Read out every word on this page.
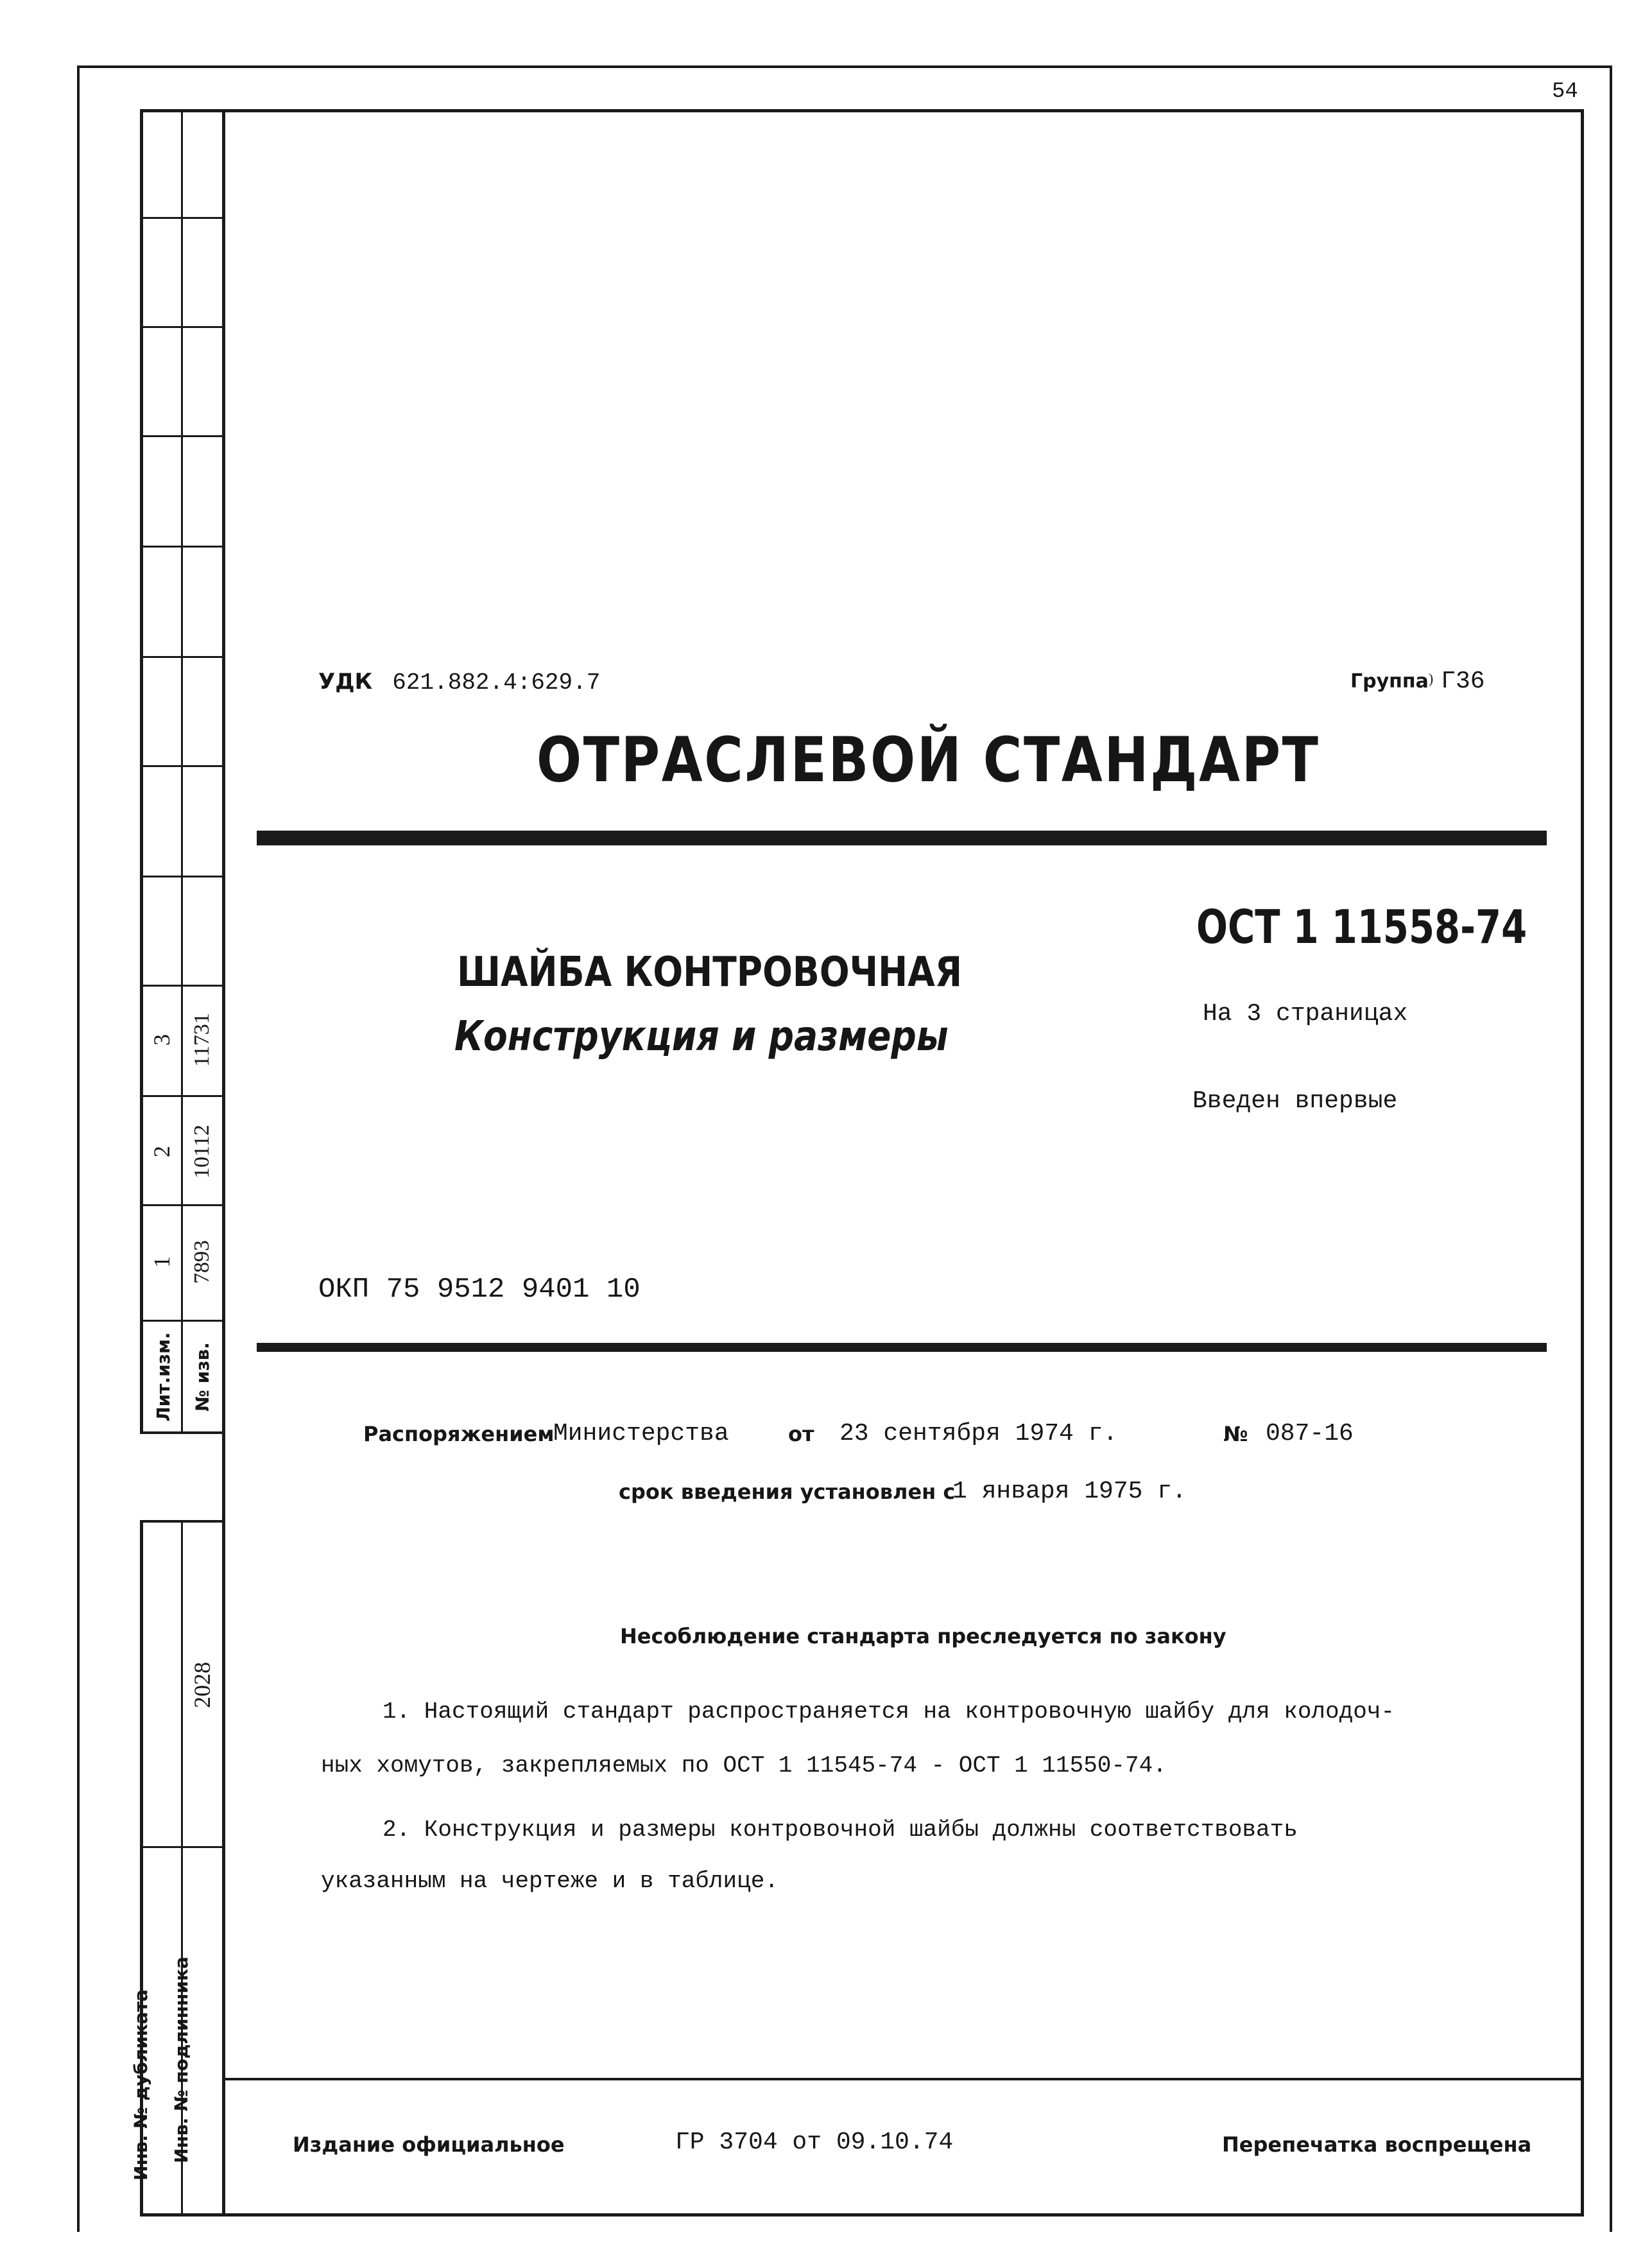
54
3 11731
2 10112
1 7893
Лит.изм. № изв.
2028
Инв. № дубликата Инв. № подлинника
УДК 621.882.4:629.7	Группа) Г36
ОТРАСЛЕВОЙ СТАНДАРТ
ШАЙБА КОНТРОВОЧНАЯ
Конструкция и размеры
ОСТ 1 11558-74
На 3 страницах
Введен впервые
ОКП 75 9512 9401 10
Распоряжением
Министерства	от 23 сентября 1974 г.	№ 087-16
срок введения установлен с
1 января 1975 г.
Несоблюдение стандарта преследуется по закону
1. Настоящий стандарт распространяется на контровочную шайбу для колодоч-
ных хомутов, закрепляемых по ОСТ 1 11545-74 - ОСТ 1 11550-74.
2. Конструкция и размеры контровочной шайбы должны соответствовать
указанным на чертеже и в таблице.
Издание официальное	ГР 3704 от 09.10.74	Перепечатка воспрещена
